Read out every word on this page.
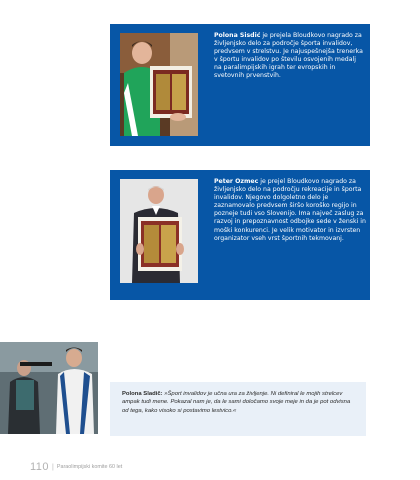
Polona Sisdić je prejela Bloudkovo nagrado za življenjsko delo za področje športa invalidov, predvsem v strelstvu. Je najuspešnejša trenerka v športu invalidov po številu osvojenih medalj na paralimpijskih igrah ter evropskih in svetovnih prvenstvih.
Peter Ozmec je prejel Bloudkovo nagrado za življenjsko delo na področju rekreacije in športa invalidov. Njegovo dolgoletno delo je zaznamovalo predvsem širšo koroško regijo in pozneje tudi vso Slovenijo. Ima največ zaslug za razvoj in prepoznavnost odbojke sede v ženski in moški konkurenci. Je velik motivator in izvrsten organizator vseh vrst športnih tekmovanj.
Polona Sladič: »Šport invalidov je učna ura za življenje. Ni definiral le mojih strelcev ampak tudi mene. Pokazal nam je, da le sami določamo svoje meje in da je pot odvisna od tega, kako visoko si postavimo lestvico.«
110 | Paraolimpijski komite 60 let
